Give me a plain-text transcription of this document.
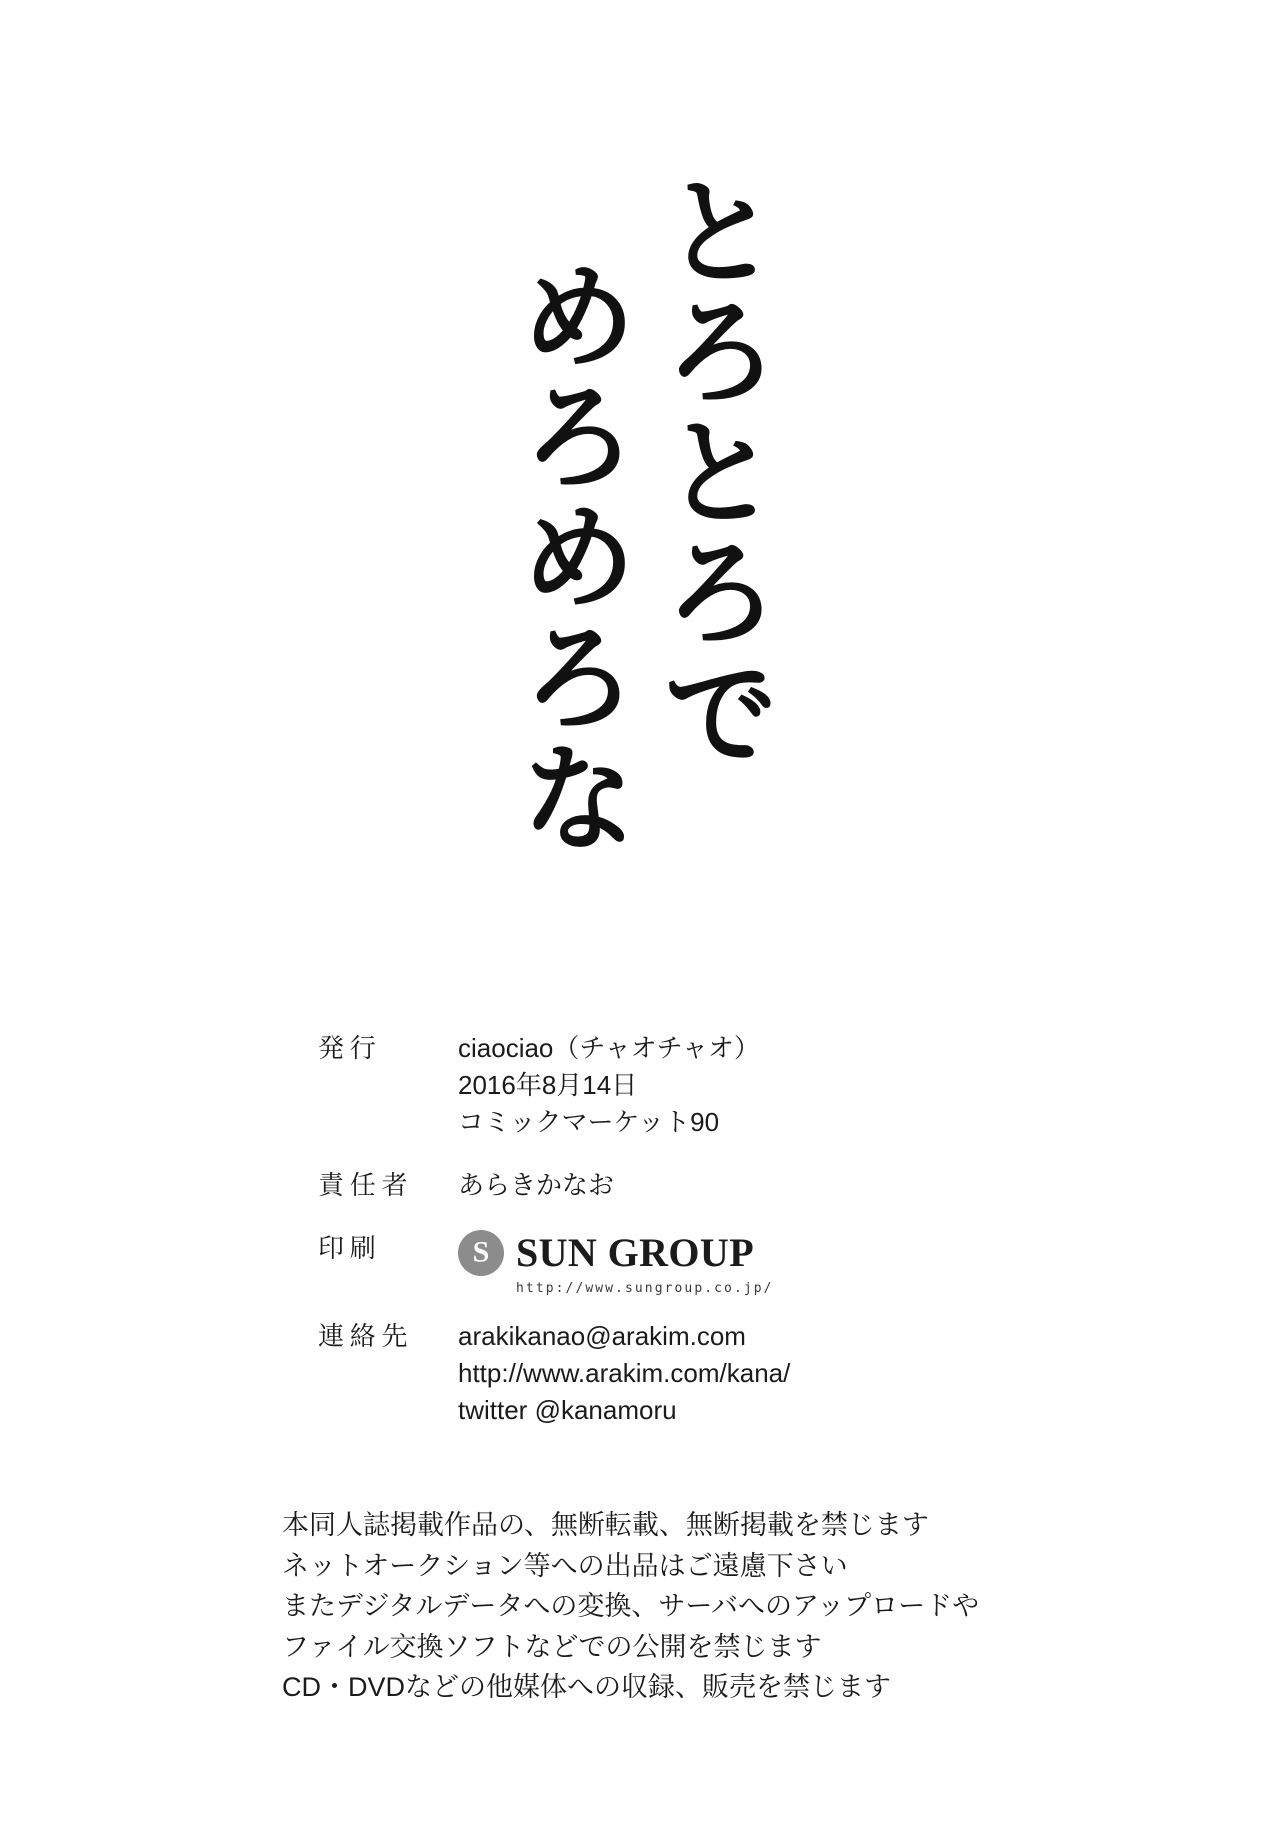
とろとろで
めろめろな
発行	ciaociao（チャオチャオ）
2016年8月14日
コミックマーケット90
責任者	あらきかなお
印刷 S	SUN GROUP
http://www.sungroup.co.jp/
連絡先	arakikanao@arakim.com
http://www.arakim.com/kana/
twitter @kanamoru
本同人誌掲載作品の、無断転載、無断掲載を禁じます
ネットオークション等への出品はご遠慮下さい
またデジタルデータへの変換、サーバへのアップロードや
ファイル交換ソフトなどでの公開を禁じます
CD・DVDなどの他媒体への収録、販売を禁じます
